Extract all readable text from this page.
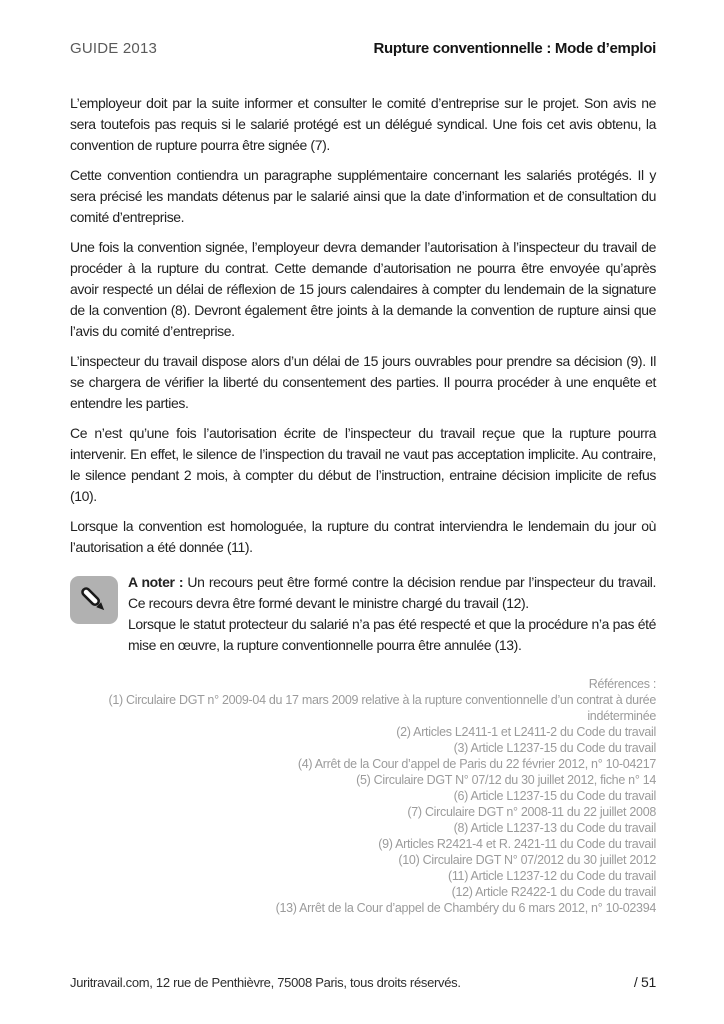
GUIDE 2013	Rupture conventionnelle : Mode d’emploi

L’employeur doit par la suite informer et consulter le comité d’entreprise sur le projet. Son avis ne sera toutefois pas requis si le salarié protégé est un délégué syndical. Une fois cet avis obtenu, la convention de rupture pourra être signée (7).

Cette convention contiendra un paragraphe supplémentaire concernant les salariés protégés. Il y sera précisé les mandats détenus par le salarié ainsi que la date d’information et de consultation du comité d’entreprise.

Une fois la convention signée, l’employeur devra demander l’autorisation à l’inspecteur du travail de procéder à la rupture du contrat. Cette demande d’autorisation ne pourra être envoyée qu’après avoir respecté un délai de réflexion de 15 jours calendaires à compter du lendemain de la signature de la convention (8). Devront également être joints à la demande la convention de rupture ainsi que l’avis du comité d’entreprise.

L’inspecteur du travail dispose alors d’un délai de 15 jours ouvrables pour prendre sa décision (9). Il se chargera de vérifier la liberté du consentement des parties. Il pourra procéder à une enquête et entendre les parties.

Ce n’est qu’une fois l’autorisation écrite de l’inspecteur du travail reçue que la rupture pourra intervenir. En effet, le silence de l’inspection du travail ne vaut pas acceptation implicite. Au contraire, le silence pendant 2 mois, à compter du début de l’instruction, entraine décision implicite de refus (10).

Lorsque la convention est homologuée, la rupture du contrat interviendra le lendemain du jour où l’autorisation a été donnée (11).

A noter : Un recours peut être formé contre la décision rendue par l’inspecteur du travail. Ce recours devra être formé devant le ministre chargé du travail (12).

Lorsque le statut protecteur du salarié n’a pas été respecté et que la procédure n’a pas été mise en œuvre, la rupture conventionnelle pourra être annulée (13).

Références :

(1) Circulaire DGT n° 2009-04 du 17 mars 2009 relative à la rupture conventionnelle d’un contrat à durée indéterminée

(2) Articles L2411-1 et L2411-2 du Code du travail

(3) Article L1237-15 du Code du travail

(4) Arrêt de la Cour d’appel de Paris du 22 février 2012, n° 10-04217

(5) Circulaire DGT N° 07/12 du 30 juillet 2012, fiche n° 14

(6) Article L1237-15 du Code du travail

(7) Circulaire DGT n° 2008-11 du 22 juillet 2008

(8) Article L1237-13 du Code du travail

(9) Articles R2421-4 et R. 2421-11 du Code du travail

(10) Circulaire DGT N° 07/2012 du 30 juillet 2012

(11) Article L1237-12 du Code du travail

(12) Article R2422-1 du Code du travail

(13) Arrêt de la Cour d’appel de Chambéry du 6 mars 2012, n° 10-02394

Juritravail.com, 12 rue de Penthièvre, 75008 Paris, tous droits réservés.	/ 51
